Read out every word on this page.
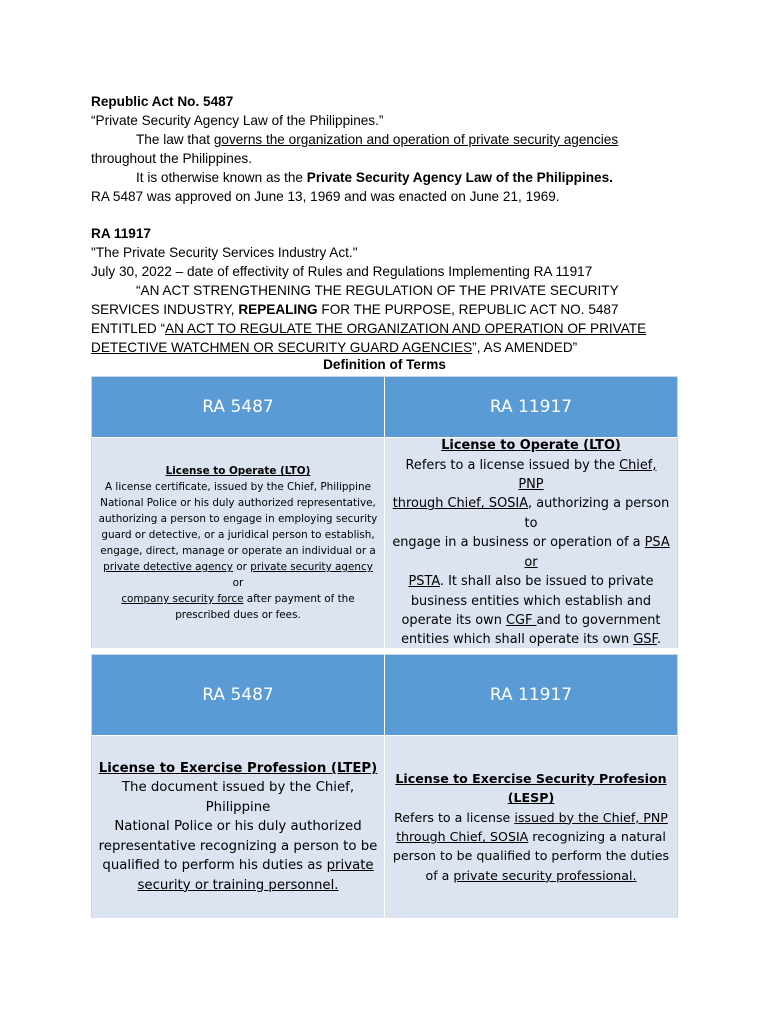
Republic Act No. 5487

“Private Security Agency Law of the Philippines.”

The law that governs the organization and operation of private security agencies

throughout the Philippines.

It is otherwise known as the Private Security Agency Law of the Philippines.

RA 5487 was approved on June 13, 1969 and was enacted on June 21, 1969.

RA 11917

"The Private Security Services Industry Act."

July 30, 2022 – date of effectivity of Rules and Regulations Implementing RA 11917

“AN ACT STRENGTHENING THE REGULATION OF THE PRIVATE SECURITY

SERVICES INDUSTRY, REPEALING FOR THE PURPOSE, REPUBLIC ACT NO. 5487

ENTITLED “AN ACT TO REGULATE THE ORGANIZATION AND OPERATION OF PRIVATE

DETECTIVE WATCHMEN OR SECURITY GUARD AGENCIES”, AS AMENDED”

Definition of Terms
RA 5487	RA 11917

License to Operate (LTO)

A license certificate, issued by the Chief, Philippine

National Police or his duly authorized representative,

authorizing a person to engage in employing security

guard or detective, or a juridical person to establish,

engage, direct, manage or operate an individual or a

private detective agency or private security agency or

company security force after payment of the

prescribed dues or fees.

License to Operate (LTO)

Refers to a license issued by the Chief, PNP

through Chief, SOSIA, authorizing a person to

engage in a business or operation of a PSA or

PSTA. It shall also be issued to private

business entities which establish and

operate its own CGF and to government

entities which shall operate its own GSF.

RA 5487	RA 11917

License to Exercise Profession (LTEP)

The document issued by the Chief, Philippine

National Police or his duly authorized

representative recognizing a person to be

qualified to perform his duties as private

security or training personnel.

License to Exercise Security Profesion (LESP)

Refers to a license issued by the Chief, PNP

through Chief, SOSIA recognizing a natural

person to be qualified to perform the duties

of a private security professional.
